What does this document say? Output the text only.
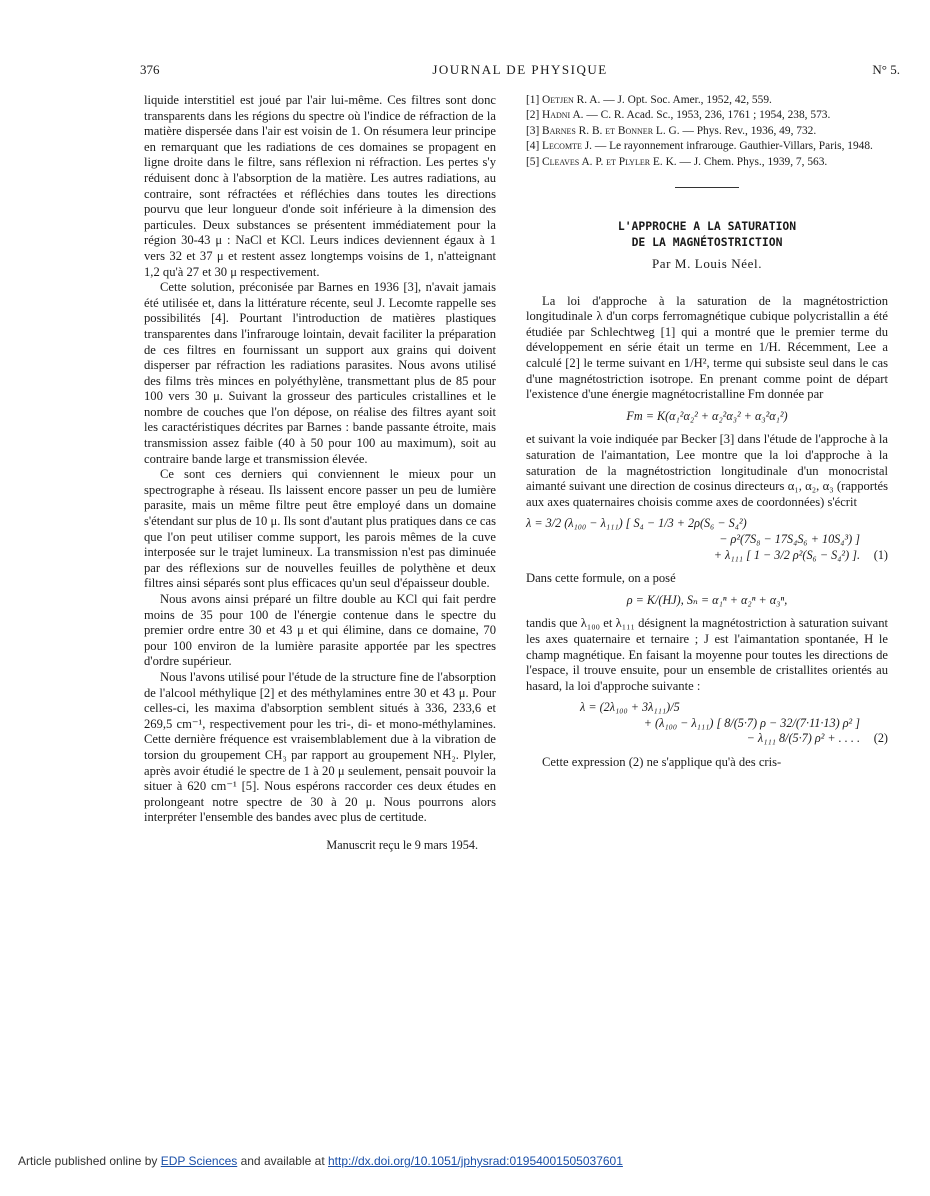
376	JOURNAL DE PHYSIQUE	N° 5.

liquide interstitiel est joué par l'air lui-même. Ces filtres sont donc transparents dans les régions du spectre où l'indice de réfraction de la matière dispersée dans l'air est voisin de 1. On résumera leur principe en remarquant que les radiations de ces domaines se propagent en ligne droite dans le filtre, sans réflexion ni réfraction. Les pertes s'y réduisent donc à l'absorption de la matière. Les autres radiations, au contraire, sont réfractées et réfléchies dans toutes les directions pourvu que leur longueur d'onde soit inférieure à la dimension des particules. Deux substances se présentent immédiatement pour la région 30-43 μ : NaCl et KCl. Leurs indices deviennent égaux à 1 vers 32 et 37 μ et restent assez longtemps voisins de 1, n'atteignant 1,2 qu'à 27 et 30 μ respectivement.

Cette solution, préconisée par Barnes en 1936 [3], n'avait jamais été utilisée et, dans la littérature récente, seul J. Lecomte rappelle ses possibilités [4]. Pourtant l'introduction de matières plastiques transparentes dans l'infrarouge lointain, devait faciliter la préparation de ces filtres en fournissant un support aux grains qui doivent disperser par réfraction les radiations parasites. Nous avons utilisé des films très minces en polyéthylène, transmettant plus de 85 pour 100 vers 30 μ. Suivant la grosseur des particules cristallines et le nombre de couches que l'on dépose, on réalise des filtres ayant soit les caractéristiques décrites par Barnes : bande passante étroite, mais transmission assez faible (40 à 50 pour 100 au maximum), soit au contraire bande large et transmission élevée.

Ce sont ces derniers qui conviennent le mieux pour un spectrographe à réseau. Ils laissent encore passer un peu de lumière parasite, mais un même filtre peut être employé dans un domaine s'étendant sur plus de 10 μ. Ils sont d'autant plus pratiques dans ce cas que l'on peut utiliser comme support, les parois mêmes de la cuve interposée sur le trajet lumineux. La transmission n'est pas diminuée par des réflexions sur de nouvelles feuilles de polythène et deux filtres ainsi séparés sont plus efficaces qu'un seul d'épaisseur double.

Nous avons ainsi préparé un filtre double au KCl qui fait perdre moins de 35 pour 100 de l'énergie contenue dans le spectre du premier ordre entre 30 et 43 μ et qui élimine, dans ce domaine, 70 pour 100 environ de la lumière parasite apportée par les spectres d'ordre supérieur.

Nous l'avons utilisé pour l'étude de la structure fine de l'absorption de l'alcool méthylique [2] et des méthylamines entre 30 et 43 μ. Pour celles-ci, les maxima d'absorption semblent situés à 336, 233,6 et 269,5 cm⁻¹, respectivement pour les tri-, di- et mono-méthylamines. Cette dernière fréquence est vraisemblablement due à la vibration de torsion du groupement CH₃ par rapport au groupement NH₂. Plyler, après avoir étudié le spectre de 1 à 20 μ seulement, pensait pouvoir la situer à 620 cm⁻¹ [5]. Nous espérons raccorder ces deux études en prolongeant notre spectre de 30 à 20 μ. Nous pourrons alors interpréter l'ensemble des bandes avec plus de certitude.

Manuscrit reçu le 9 mars 1954.
[1] Oetjen R. A. — J. Opt. Soc. Amer., 1952, 42, 559.
[2] Hadni A. — C. R. Acad. Sc., 1953, 236, 1761 ; 1954, 238, 573.
[3] Barnes R. B. et Bonner L. G. — Phys. Rev., 1936, 49, 732.
[4] Lecomte J. — Le rayonnement infrarouge. Gauthier-Villars, Paris, 1948.
[5] Cleaves A. P. et Plyler E. K. — J. Chem. Phys., 1939, 7, 563.
L'APPROCHE A LA SATURATION
DE LA MAGNÉTOSTRICTION
Par M. Louis Néel.

La loi d'approche à la saturation de la magnétostriction longitudinale λ d'un corps ferromagnétique cubique polycristallin a été étudiée par Schlechtweg [1] qui a montré que le premier terme du développement en série était un terme en 1/H. Récemment, Lee a calculé [2] le terme suivant en 1/H², terme qui subsiste seul dans le cas d'une magnétostriction isotrope. En prenant comme point de départ l'existence d'une énergie magnétocristalline Fm donnée par

Fm = K(α₁²α₂² + α₂²α₃² + α₃²α₁²)

et suivant la voie indiquée par Becker [3] dans l'étude de l'approche à la saturation de l'aimantation, Lee montre que la loi d'approche à la saturation de la magnétostriction longitudinale d'un monocristal aimanté suivant une direction de cosinus directeurs α₁, α₂, α₃ (rapportés aux axes quaternaires choisis comme axes de coordonnées) s'écrit

λ = 3/2 (λ₁₀₀ − λ₁₁₁) [ S₄ − 1/3 + 2ρ(S₆ − S₄²)
− ρ²(7S₈ − 17S₄S₆ + 10S₄³) ]
+ λ₁₁₁ [ 1 − 3/2 ρ²(S₆ − S₄²) ].	(1)

Dans cette formule, on a posé

ρ = K/(HJ), Sₙ = α₁ⁿ + α₂ⁿ + α₃ⁿ,

tandis que λ₁₀₀ et λ₁₁₁ désignent la magnétostriction à saturation suivant les axes quaternaire et ternaire ; J est l'aimantation spontanée, H le champ magnétique. En faisant la moyenne pour toutes les directions de l'espace, il trouve ensuite, pour un ensemble de cristallites orientés au hasard, la loi d'approche suivante :

λ = (2λ₁₀₀ + 3λ₁₁₁)/5
+ (λ₁₀₀ − λ₁₁₁) [ 8/(5·7) ρ − 32/(7·11·13) ρ² ]
− λ₁₁₁ 8/(5·7) ρ² + . . . .	(2)

Cette expression (2) ne s'applique qu'à des cris-

Article published online by EDP Sciences and available at http://dx.doi.org/10.1051/jphysrad:01954001505037601
